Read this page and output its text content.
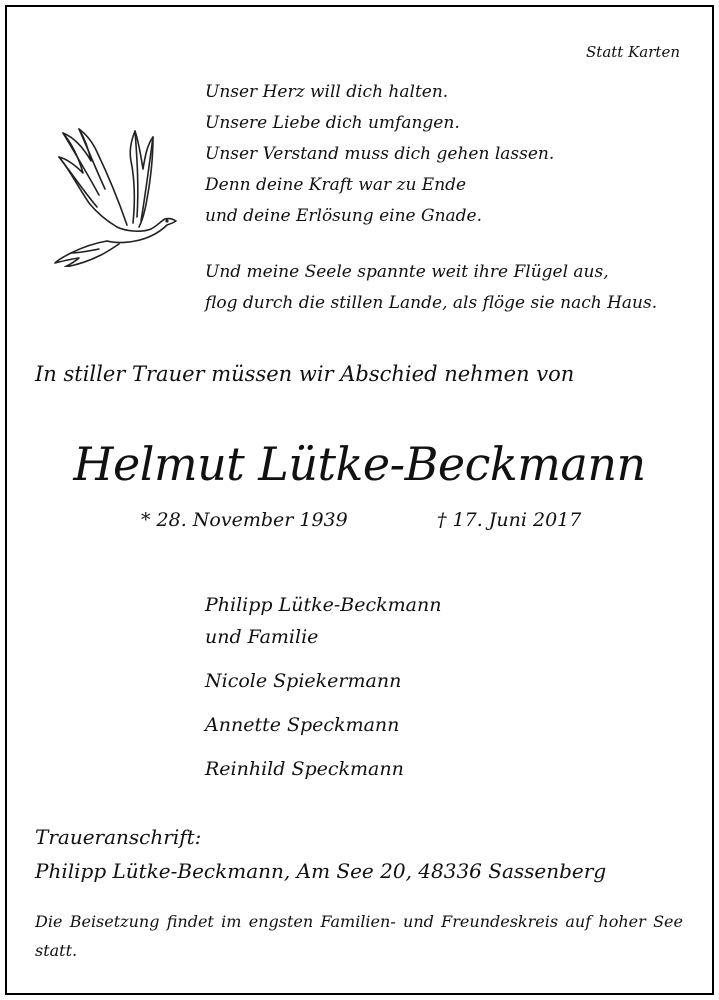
Statt Karten

Unser Herz will dich halten.
Unsere Liebe dich umfangen.
Unser Verstand muss dich gehen lassen.
Denn deine Kraft war zu Ende
und deine Erlösung eine Gnade.
Und meine Seele spannte weit ihre Flügel aus,
flog durch die stillen Lande, als flöge sie nach Haus.

In stiller Trauer müssen wir Abschied nehmen von

Helmut Lütke-Beckmann

* 28. November 1939	† 17. Juni 2017

Philipp Lütke-Beckmann
und Familie
Nicole Spiekermann
Annette Speckmann
Reinhild Speckmann

Traueranschrift:

Philipp Lütke-Beckmann, Am See 20, 48336 Sassenberg

Die Beisetzung findet im engsten Familien- und Freundeskreis auf hoher See statt.
